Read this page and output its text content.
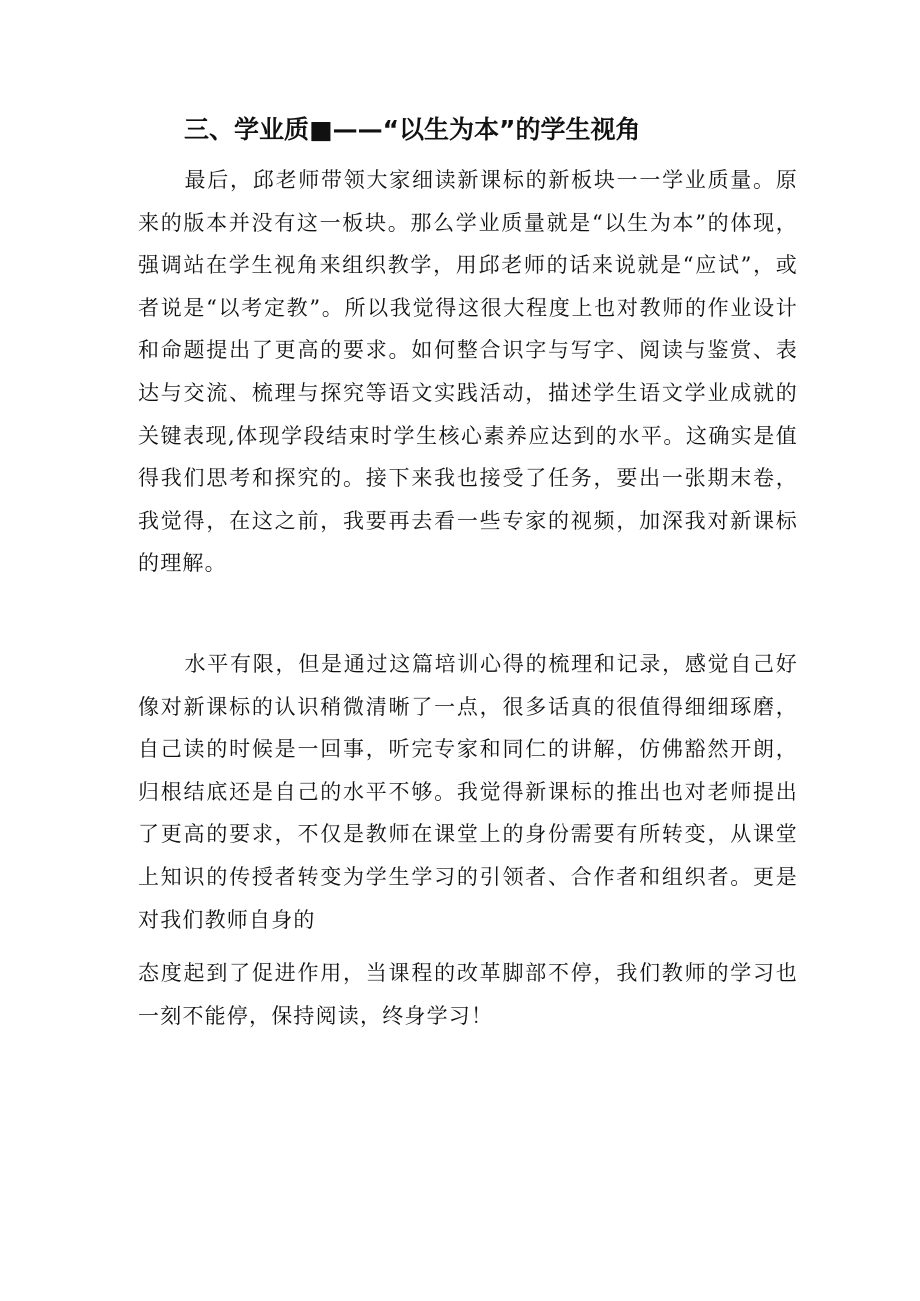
三、学业质■——“以生为本”的学生视角
最后，邱老师带领大家细读新课标的新板块一一学业质量。原来的版本并没有这一板块。那么学业质量就是“以生为本”的体现，强调站在学生视角来组织教学，用邱老师的话来说就是“应试”，或者说是“以考定教”。所以我觉得这很大程度上也对教师的作业设计和命题提出了更高的要求。如何整合识字与写字、阅读与鉴赏、表达与交流、梳理与探究等语文实践活动，描述学生语文学业成就的关键表现,体现学段结束时学生核心素养应达到的水平。这确实是值得我们思考和探究的。接下来我也接受了任务，要出一张期末卷，我觉得，在这之前，我要再去看一些专家的视频，加深我对新课标的理解。
水平有限，但是通过这篇培训心得的梳理和记录，感觉自己好像对新课标的认识稍微清晰了一点，很多话真的很值得细细琢磨，自己读的时候是一回事，听完专家和同仁的讲解，仿佛豁然开朗，归根结底还是自己的水平不够。我觉得新课标的推出也对老师提出了更高的要求，不仅是教师在课堂上的身份需要有所转变，从课堂上知识的传授者转变为学生学习的引领者、合作者和组织者。更是对我们教师自身的
态度起到了促进作用，当课程的改革脚部不停，我们教师的学习也一刻不能停，保持阅读，终身学习！
